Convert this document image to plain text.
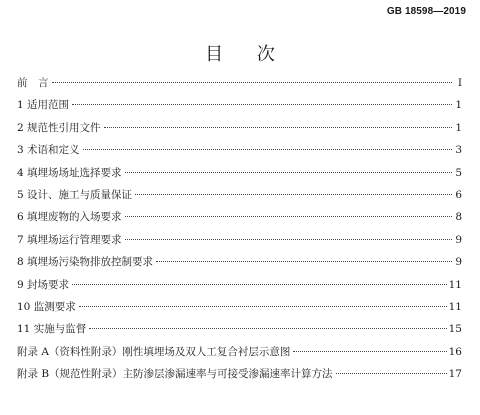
GB 18598—2019
目 次
前　言	I
1 适用范围	1
2 规范性引用文件	1
3 术语和定义	3
4 填埋场场址选择要求	5
5 设计、施工与质量保证	6
6 填埋废物的入场要求	8
7 填埋场运行管理要求	9
8 填埋场污染物排放控制要求	9
9 封场要求	11
10 监测要求	11
11 实施与监督	15
附录 A（资料性附录）刚性填埋场及双人工复合衬层示意图	16
附录 B（规范性附录）主防渗层渗漏速率与可接受渗漏速率计算方法	17
